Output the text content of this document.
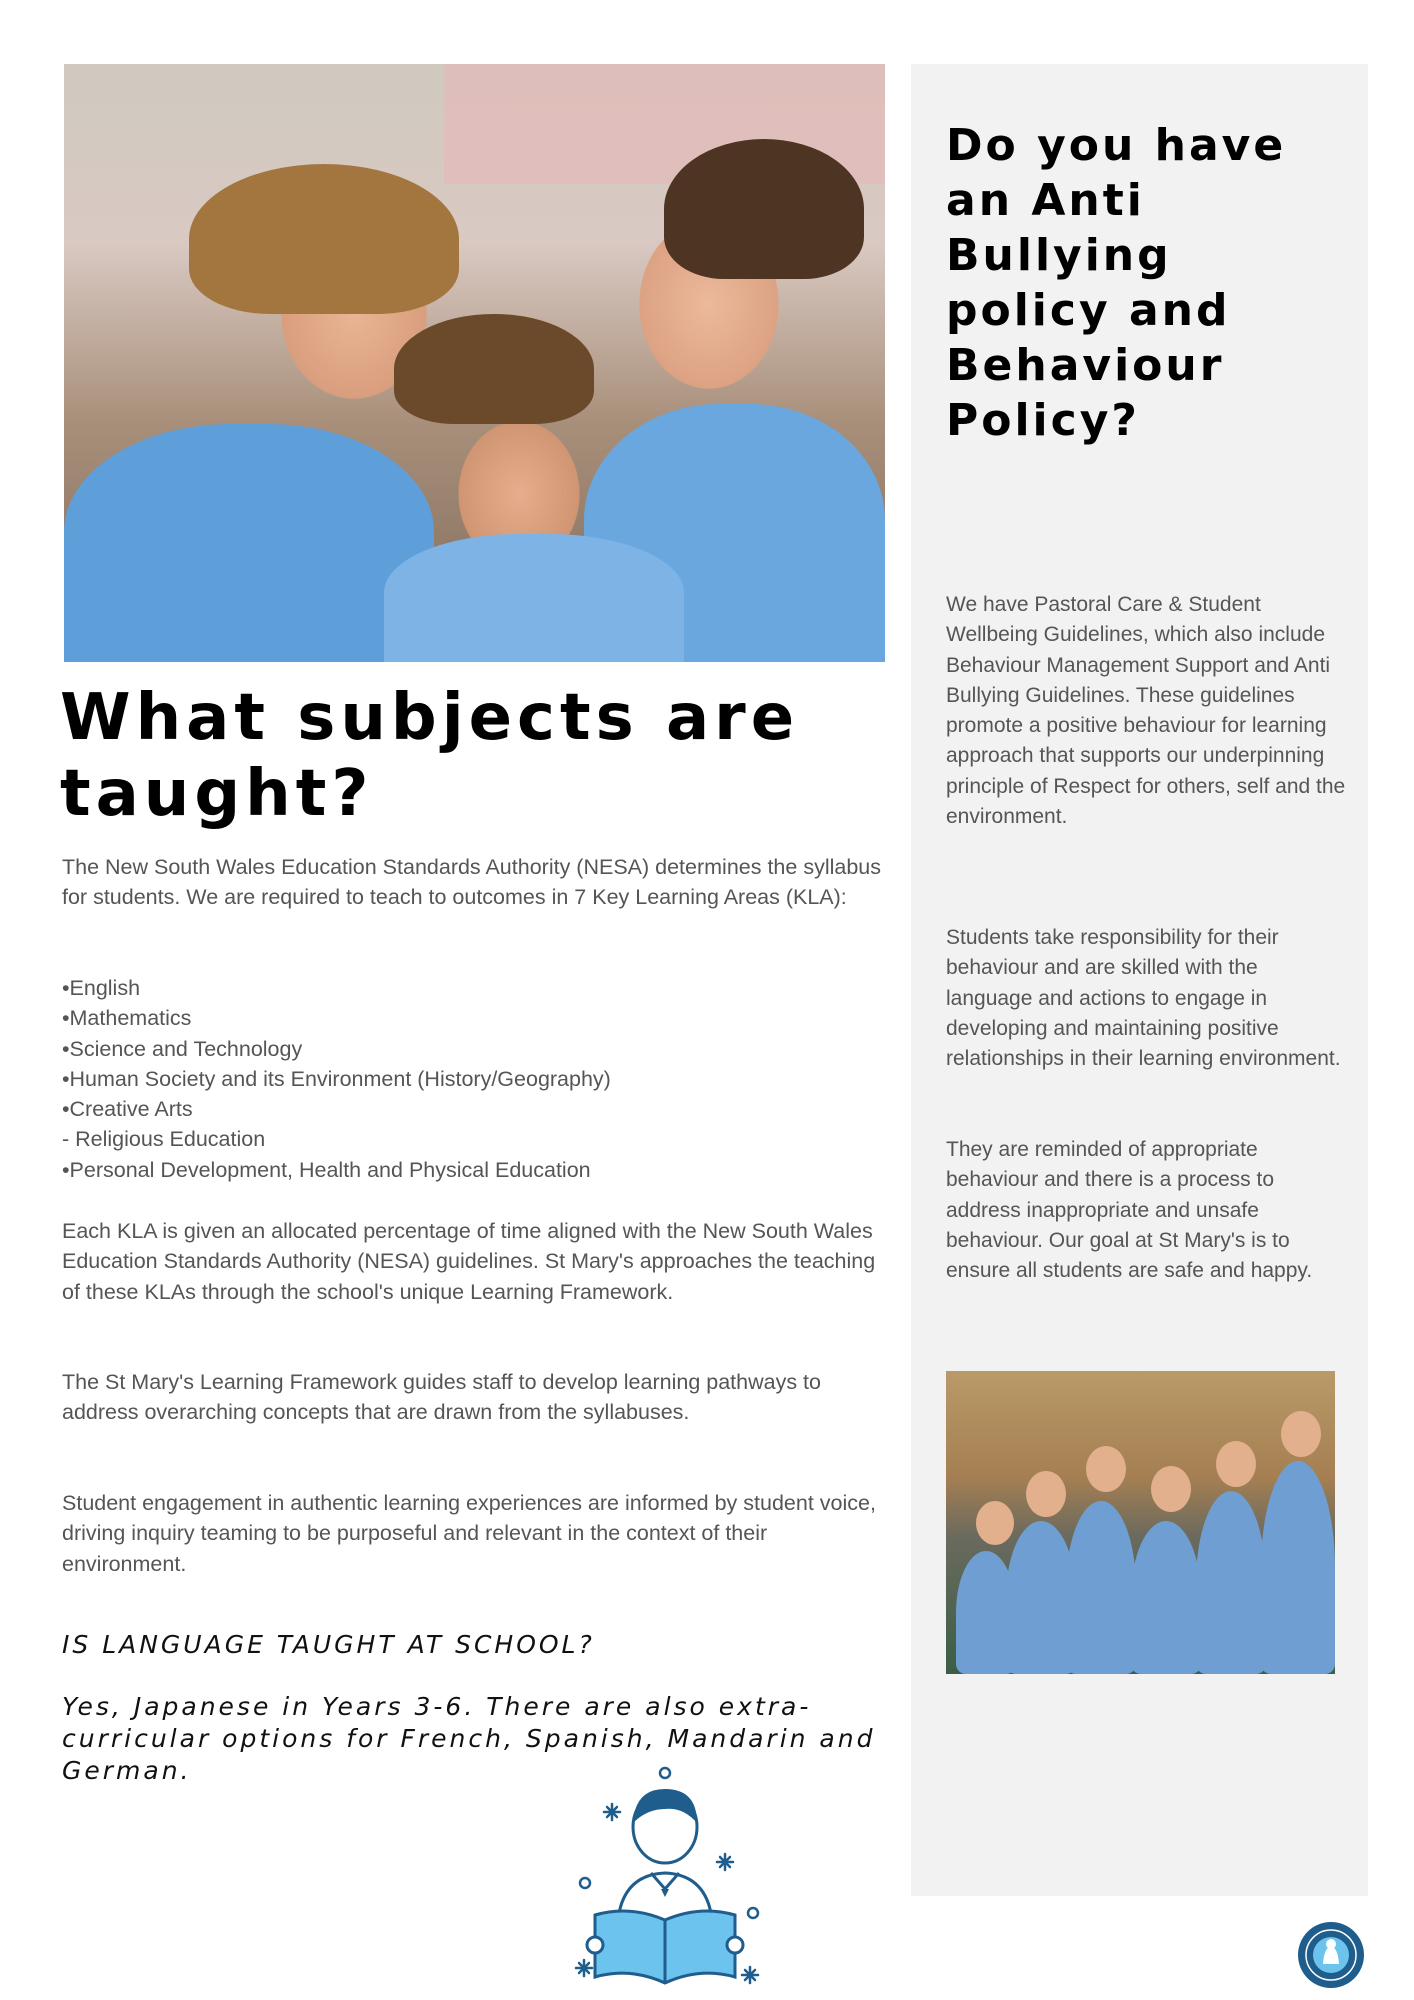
Do you have an Anti Bullying policy and Behaviour Policy?

We have Pastoral Care & Student Wellbeing Guidelines, which also include Behaviour Management Support and Anti Bullying Guidelines. These guidelines promote a positive behaviour for learning approach that supports our underpinning principle of Respect for others, self and the environment.

Students take responsibility for their behaviour and are skilled with the language and actions to engage in developing and maintaining positive relationships in their learning environment.

They are reminded of appropriate behaviour and there is a process to address inappropriate and unsafe behaviour. Our goal at St Mary's is to ensure all students are safe and happy.

What subjects are taught?

The New South Wales Education Standards Authority (NESA) determines the syllabus for students. We are required to teach to outcomes in 7 Key Learning Areas (KLA):

•English
•Mathematics
•Science and Technology
•Human Society and its Environment (History/Geography)
•Creative Arts
- Religious Education
•Personal Development, Health and Physical Education

Each KLA is given an allocated percentage of time aligned with the New South Wales Education Standards Authority (NESA) guidelines. St Mary's approaches the teaching of these KLAs through the school's unique Learning Framework.

The St Mary's Learning Framework guides staff to develop learning pathways to address overarching concepts that are drawn from the syllabuses.

Student engagement in authentic learning experiences are informed by student voice, driving inquiry teaming to be purposeful and relevant in the context of their environment.

IS LANGUAGE TAUGHT AT SCHOOL?

Yes, Japanese in Years 3-6. There are also extra-curricular options for French, Spanish, Mandarin and German.
